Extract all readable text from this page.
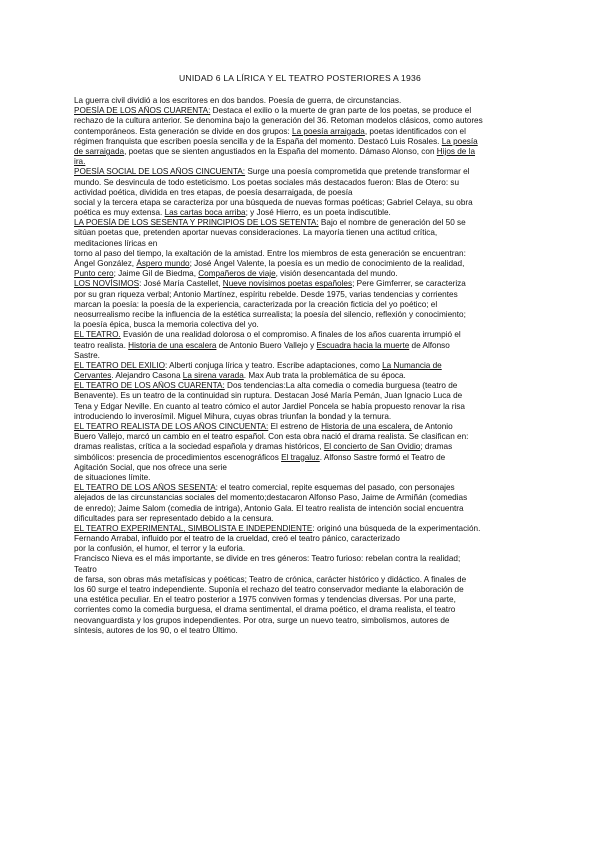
UNIDAD 6 LA LÍRICA Y EL TEATRO POSTERIORES A 1936
La guerra civil dividió a los escritores en dos bandos. Poesía de guerra, de circunstancias.
POESÍA DE LOS AÑOS CUARENTA: Destaca el exilio o la muerte de gran parte de los poetas, se produce el
rechazo de la cultura anterior. Se denomina bajo la generación del 36. Retoman modelos clásicos, como autores
contemporáneos. Esta generación se divide en dos grupos: La poesía arraigada, poetas identificados con el
régimen franquista que escriben poesía sencilla y de la España del momento. Destacó Luis Rosales. La poesía
de sarraigada, poetas que se sienten angustiados en la España del momento. Dámaso Alonso, con Hijos de la
ira.
POESÍA SOCIAL DE LOS AÑOS CINCUENTA: Surge una poesía comprometida que pretende transformar el
mundo. Se desvincula de todo esteticismo. Los poetas sociales más destacados fueron: Blas de Otero: su
actividad poética, dividida en tres etapas, de poesía desarraigada, de poesía
social y la tercera etapa se caracteriza por una búsqueda de nuevas formas poéticas; Gabriel Celaya, su obra
poética es muy extensa. Las cartas boca arriba; y José Hierro, es un poeta indiscutible.
LA POESÍA DE LOS SESENTA Y PRINCIPIOS DE LOS SETENTA: Bajo el nombre de generación del 50 se
sitúan poetas que, pretenden aportar nuevas consideraciones. La mayoría tienen una actitud crítica,
meditaciones líricas en
torno al paso del tiempo, la exaltación de la amistad. Entre los miembros de esta generación se encuentran:
Ángel González, Áspero mundo; José Ángel Valente, la poesía es un medio de conocimiento de la realidad,
Punto cero; Jaime Gil de Biedma, Compañeros de viaje, visión desencantada del mundo.
LOS NOVÍSIMOS: José María Castellet, Nueve novísimos poetas españoles; Pere Gimferrer, se caracteriza
por su gran riqueza verbal; Antonio Martínez, espíritu rebelde. Desde 1975, varias tendencias y corrientes
marcan la poesía: la poesía de la experiencia, caracterizada por la creación ficticia del yo poético; el
neosurrealismo recibe la influencia de la estética surrealista; la poesía del silencio, reflexión y conocimiento;
la poesía épica, busca la memoria colectiva del yo.
EL TEATRO. Evasión de una realidad dolorosa o el compromiso. A finales de los años cuarenta irrumpió el
teatro realista. Historia de una escalera de Antonio Buero Vallejo y Escuadra hacia la muerte de Alfonso
Sastre.
EL TEATRO DEL EXILIO: Alberti conjuga lírica y teatro. Escribe adaptaciones, como La Numancia de
Cervantes. Alejandro Casona La sirena varada. Max Aub trata la problemática de su época.
EL TEATRO DE LOS AÑOS CUARENTA: Dos tendencias:La alta comedia o comedia burguesa (teatro de
Benavente). Es un teatro de la continuidad sin ruptura. Destacan José María Pemán, Juan Ignacio Luca de
Tena y Edgar Neville. En cuanto al teatro cómico el autor Jardiel Poncela se había propuesto renovar la risa
introduciendo lo inverosímil. Miguel Mihura, cuyas obras triunfan la bondad y la ternura.
EL TEATRO REALISTA DE LOS AÑOS CINCUENTA: El estreno de Historia de una escalera, de Antonio
Buero Vallejo, marcó un cambio en el teatro español. Con esta obra nació el drama realista. Se clasifican en:
dramas realistas, crítica a la sociedad española y dramas históricos, El concierto de San Ovidio; dramas
simbólicos: presencia de procedimientos escenográficos El tragaluz. Alfonso Sastre formó el Teatro de
Agitación Social, que nos ofrece una serie
de situaciones límite.
EL TEATRO DE LOS AÑOS SESENTA: el teatro comercial, repite esquemas del pasado, con personajes
alejados de las circunstancias sociales del momento;destacaron Alfonso Paso, Jaime de Armiñán (comedias
de enredo); Jaime Salom (comedia de intriga), Antonio Gala. El teatro realista de intención social encuentra
dificultades para ser representado debido a la censura.
EL TEATRO EXPERIMENTAL, SIMBOLISTA E INDEPENDIENTE: originó una búsqueda de la experimentación.
Fernando Arrabal, influido por el teatro de la crueldad, creó el teatro pánico, caracterizado
por la confusión, el humor, el terror y la euforia.
Francisco Nieva es el más importante, se divide en tres géneros: Teatro furioso: rebelan contra la realidad;
Teatro
de farsa, son obras más metafísicas y poéticas; Teatro de crónica, carácter histórico y didáctico. A finales de
los 60 surge el teatro independiente. Suponía el rechazo del teatro conservador mediante la elaboración de
una estética peculiar. En el teatro posterior a 1975 conviven formas y tendencias diversas. Por una parte,
corrientes como la comedia burguesa, el drama sentimental, el drama poético, el drama realista, el teatro
neovanguardista y los grupos independientes. Por otra, surge un nuevo teatro, simbolismos, autores de
síntesis, autores de los 90, o el teatro Último.
